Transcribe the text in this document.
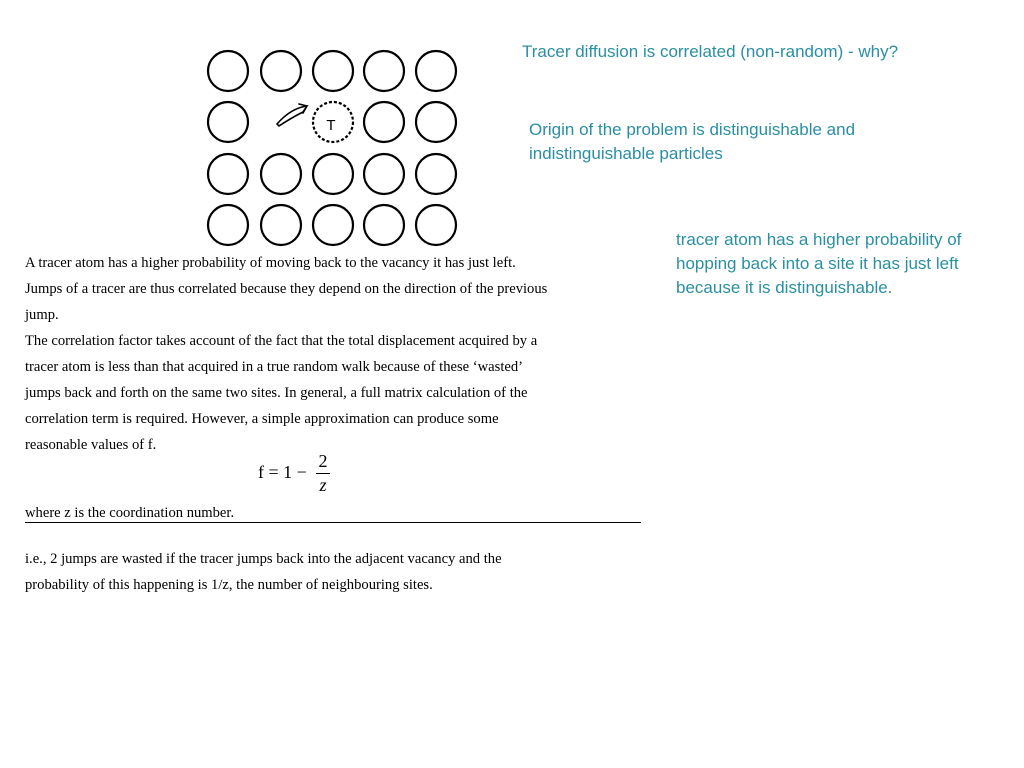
T

Tracer diffusion is correlated (non-random) - why?

Origin of the problem is distinguishable and indistinguishable particles

tracer atom has a higher probability of hopping back into a site it has just left because it is distinguishable.

A tracer atom has a higher probability of moving back to the vacancy it has just left.
Jumps of a tracer are thus correlated because they depend on the direction of the previous
jump.
The correlation factor takes account of the fact that the total displacement acquired by a
tracer atom is less than that acquired in a true random walk because of these ‘wasted’
jumps back and forth on the same two sites. In general, a full matrix calculation of the
correlation term is required. However, a simple approximation can produce some
reasonable values of f.
f = 1 −
2
z
where z is the coordination number.
i.e., 2 jumps are wasted if the tracer jumps back into the adjacent vacancy and the
probability of this happening is 1/z, the number of neighbouring sites.
